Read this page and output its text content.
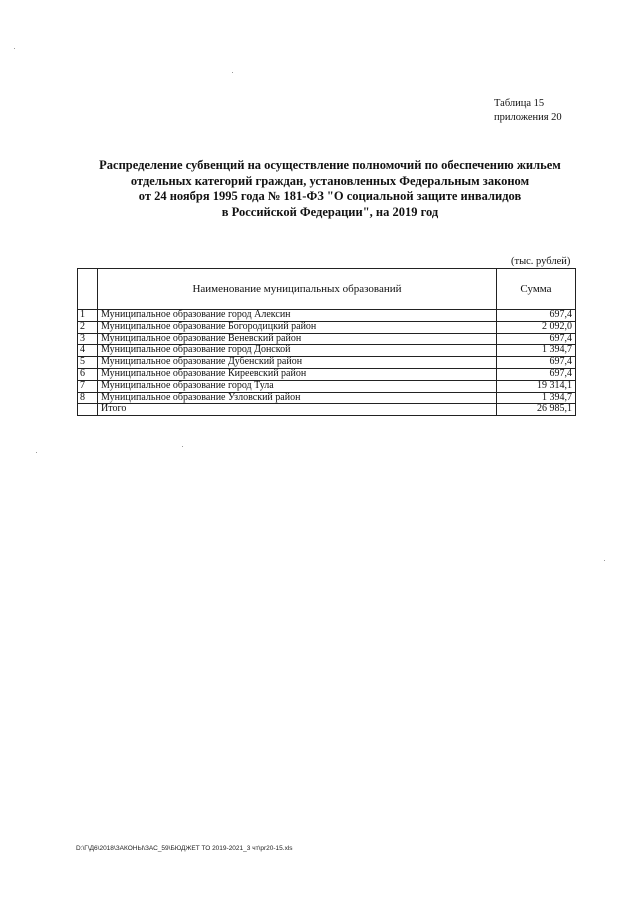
Таблица 15
приложения 20
Распределение субвенций на осуществление полномочий по обеспечению жильем
отдельных категорий граждан, установленных Федеральным законом
от 24 ноября 1995 года № 181-ФЗ "О социальной защите инвалидов
в Российской Федерации", на 2019 год
(тыс. рублей)
	Наименование муниципальных образований	Сумма
1	Муниципальное образование город Алексин	697,4
2	Муниципальное образование Богородицкий район	2 092,0
3	Муниципальное образование Веневский район	697,4
4	Муниципальное образование город Донской	1 394,7
5	Муниципальное образование Дубенский район	697,4
6	Муниципальное образование Киреевский район	697,4
7	Муниципальное образование город Тула	19 314,1
8	Муниципальное образование Узловский район	1 394,7
	Итого	26 985,1
D:\Г\Д6\2018\ЗАКОНЫ\ЗАС_59\БЮДЖЕТ ТО 2019-2021_3 чт\pr20-15.xls
